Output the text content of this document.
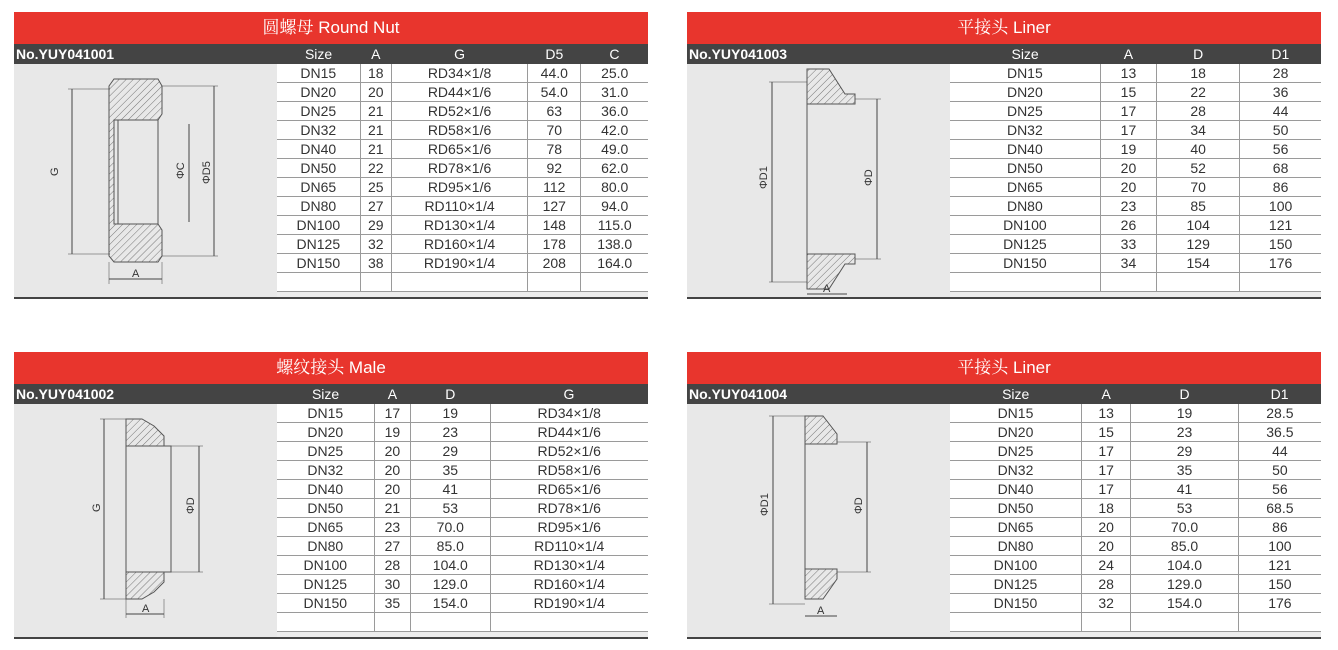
圆螺母 Round Nut
No.YUY041001
G	ΦC ΦD5
A
Size	A	G	D5	C
DN15	18	RD34×1/8	44.0	25.0
DN20	20	RD44×1/6	54.0	31.0
DN25	21	RD52×1/6	63	36.0
DN32	21	RD58×1/6	70	42.0
DN40	21	RD65×1/6	78	49.0
DN50	22	RD78×1/6	92	62.0
DN65	25	RD95×1/6	112	80.0
DN80	27	RD110×1/4	127	94.0
DN100	29	RD130×1/4	148	115.0
DN125	32	RD160×1/4	178	138.0
DN150	38	RD190×1/4	208	164.0

平接头 Liner
No.YUY041003
ΦD1	ΦD
A
Size	A	D	D1
DN15	13	18	28
DN20	15	22	36
DN25	17	28	44
DN32	17	34	50
DN40	19	40	56
DN50	20	52	68
DN65	20	70	86
DN80	23	85	100
DN100	26	104	121
DN125	33	129	150
DN150	34	154	176

螺纹接头 Male
No.YUY041002
G	ΦD
A
Size	A	D	G
DN15	17	19	RD34×1/8
DN20	19	23	RD44×1/6
DN25	20	29	RD52×1/6
DN32	20	35	RD58×1/6
DN40	20	41	RD65×1/6
DN50	21	53	RD78×1/6
DN65	23	70.0	RD95×1/6
DN80	27	85.0	RD110×1/4
DN100	28	104.0	RD130×1/4
DN125	30	129.0	RD160×1/4
DN150	35	154.0	RD190×1/4

平接头 Liner
No.YUY041004
ΦD1	ΦD
A
Size	A	D	D1
DN15	13	19	28.5
DN20	15	23	36.5
DN25	17	29	44
DN32	17	35	50
DN40	17	41	56
DN50	18	53	68.5
DN65	20	70.0	86
DN80	20	85.0	100
DN100	24	104.0	121
DN125	28	129.0	150
DN150	32	154.0	176
